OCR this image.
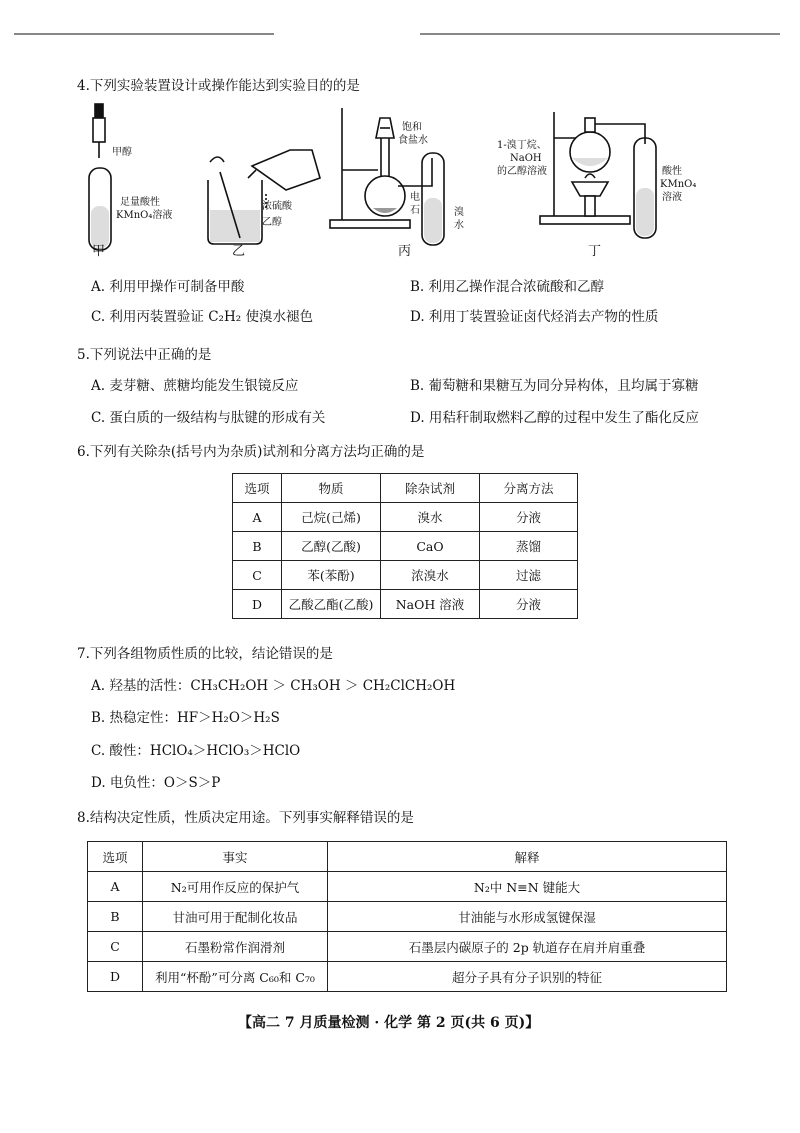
4.下列实验装置设计或操作能达到实验目的的是
甲醇
足量酸性
KMnO₄溶液
甲
浓硫酸
乙醇
乙
饱和
食盐水
电
石	溴
水
丙
1-溴丁烷、
NaOH
的乙醇溶液	酸性
KMnO₄
溶液
丁
A. 利用甲操作可制备甲酸	B. 利用乙操作混合浓硫酸和乙醇
C. 利用丙装置验证 C₂H₂ 使溴水褪色	D. 利用丁装置验证卤代烃消去产物的性质
5.下列说法中正确的是
A. 麦芽糖、蔗糖均能发生银镜反应	B. 葡萄糖和果糖互为同分异构体，且均属于寡糖
C. 蛋白质的一级结构与肽键的形成有关	D. 用秸秆制取燃料乙醇的过程中发生了酯化反应
6.下列有关除杂(括号内为杂质)试剂和分离方法均正确的是
选项	物质	除杂试剂	分离方法
A	己烷(己烯)	溴水	分液
B	乙醇(乙酸)	CaO	蒸馏
C	苯(苯酚)	浓溴水	过滤
D	乙酸乙酯(乙酸)	NaOH 溶液	分液
7.下列各组物质性质的比较，结论错误的是
A. 羟基的活性：CH₃CH₂OH ＞ CH₃OH ＞ CH₂ClCH₂OH
B. 热稳定性：HF＞H₂O＞H₂S
C. 酸性：HClO₄＞HClO₃＞HClO
D. 电负性：O＞S＞P
8.结构决定性质，性质决定用途。下列事实解释错误的是
选项	事实	解释
A	N₂可用作反应的保护气	N₂中 N≡N 键能大
B	甘油可用于配制化妆品	甘油能与水形成氢键保湿
C	石墨粉常作润滑剂	石墨层内碳原子的 2p 轨道存在肩并肩重叠
D	利用“杯酚”可分离 C₆₀和 C₇₀	超分子具有分子识别的特征
【高二 7 月质量检测 · 化学 第 2 页(共 6 页)】
